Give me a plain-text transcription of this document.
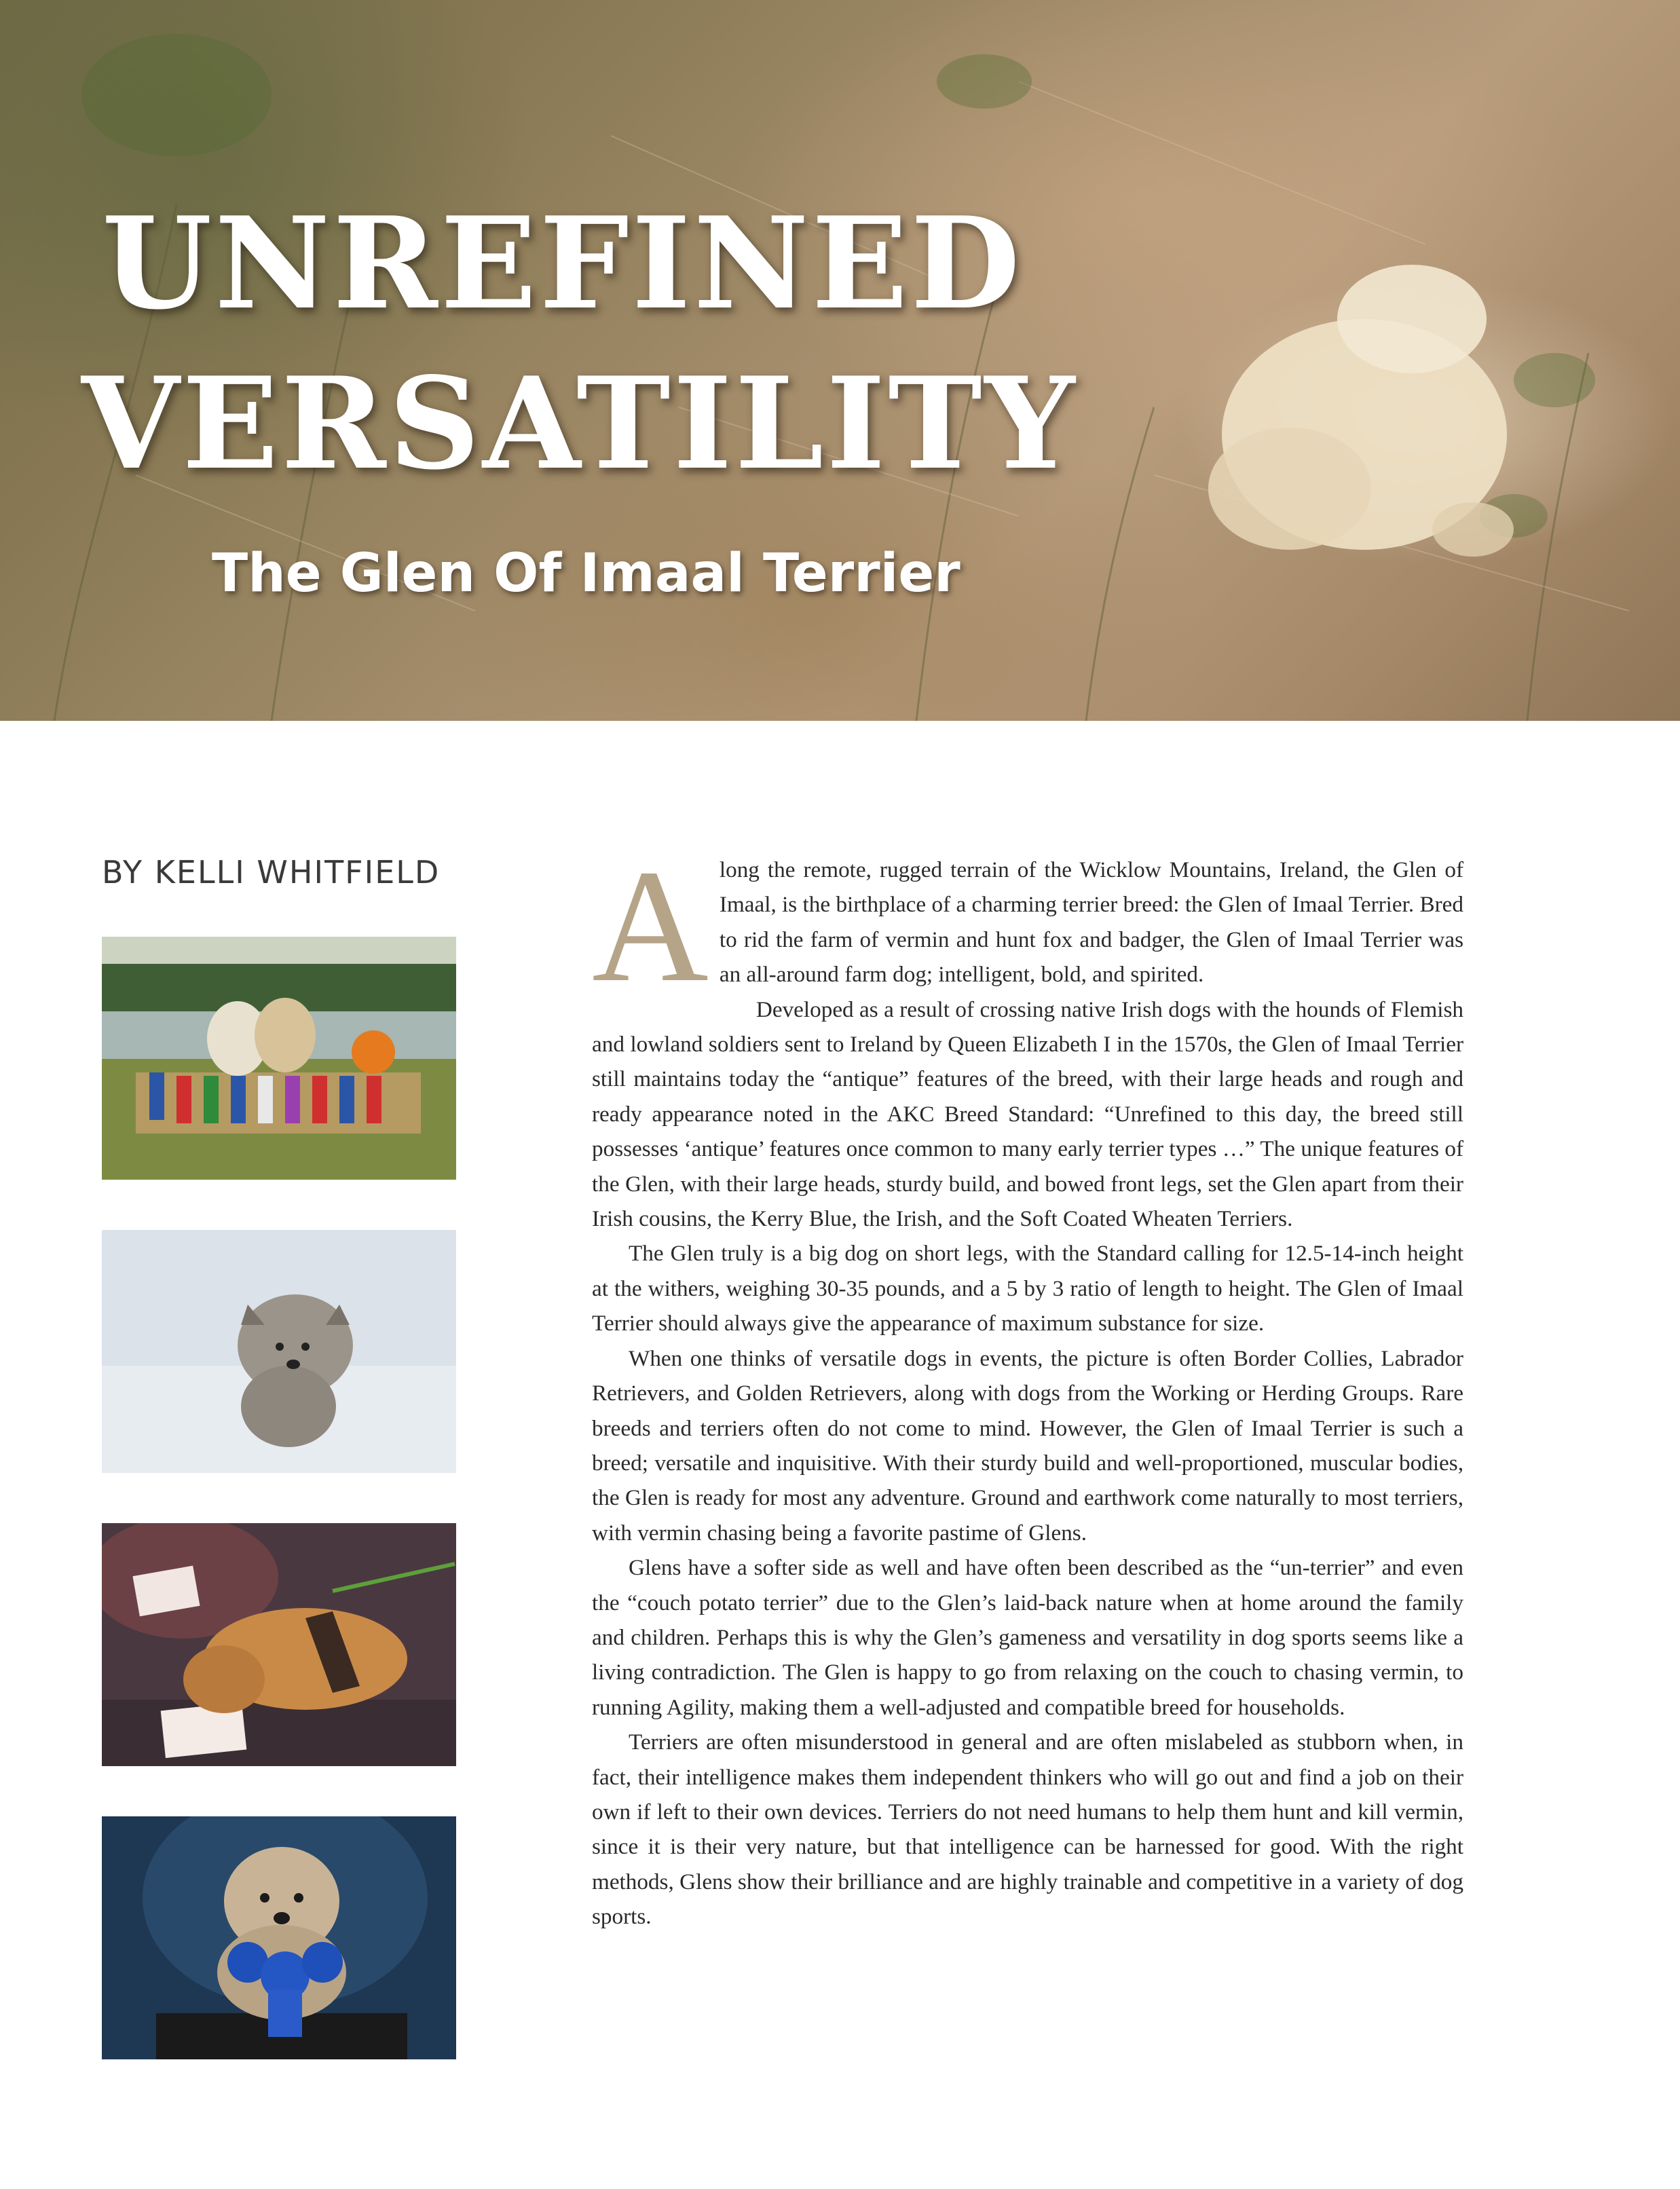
UNREFINED
VERSATILITY
The Glen Of Imaal Terrier
BY KELLI WHITFIELD Along the remote, rugged terrain of the Wicklow Mountains, Ireland, the Glen of Imaal, is the birthplace of a charming terrier breed: the Glen of Imaal Terrier. Bred to rid the farm of vermin and hunt fox and badger, the Glen of Imaal Terrier was an all-around farm dog; intelligent, bold, and spirited.

Developed as a result of crossing native Irish dogs with the hounds of Flemish and lowland soldiers sent to Ireland by Queen Elizabeth I in the 1570s, the Glen of Imaal Terrier still maintains today the “antique” features of the breed, with their large heads and rough and ready appearance noted in the AKC Breed Standard: “Unrefined to this day, the breed still possesses ‘antique’ features once common to many early terrier types …” The unique features of the Glen, with their large heads, sturdy build, and bowed front legs, set the Glen apart from their Irish cousins, the Kerry Blue, the Irish, and the Soft Coated Wheaten Terriers.

The Glen truly is a big dog on short legs, with the Standard calling for 12.5-14-inch height at the withers, weighing 30-35 pounds, and a 5 by 3 ratio of length to height. The Glen of Imaal Terrier should always give the appearance of maximum substance for size.

When one thinks of versatile dogs in events, the picture is often Border Collies, Labrador Retrievers, and Golden Retrievers, along with dogs from the Working or Herding Groups. Rare breeds and terriers often do not come to mind. However, the Glen of Imaal Terrier is such a breed; versatile and inquisitive. With their sturdy build and well-proportioned, muscular bodies, the Glen is ready for most any adventure. Ground and earthwork come naturally to most terriers, with vermin chasing being a favorite pastime of Glens.

Glens have a softer side as well and have often been described as the “un-terrier” and even the “couch potato terrier” due to the Glen’s laid-back nature when at home around the family and children. Perhaps this is why the Glen’s gameness and versatility in dog sports seems like a living contradiction. The Glen is happy to go from relaxing on the couch to chasing vermin, to running Agility, making them a well-adjusted and compatible breed for households.

Terriers are often misunderstood in general and are often mislabeled as stubborn when, in fact, their intelligence makes them independent thinkers who will go out and find a job on their own if left to their own devices. Terriers do not need humans to help them hunt and kill vermin, since it is their very nature, but that intelligence can be harnessed for good. With the right methods, Glens show their brilliance and are highly trainable and competitive in a variety of dog sports.
